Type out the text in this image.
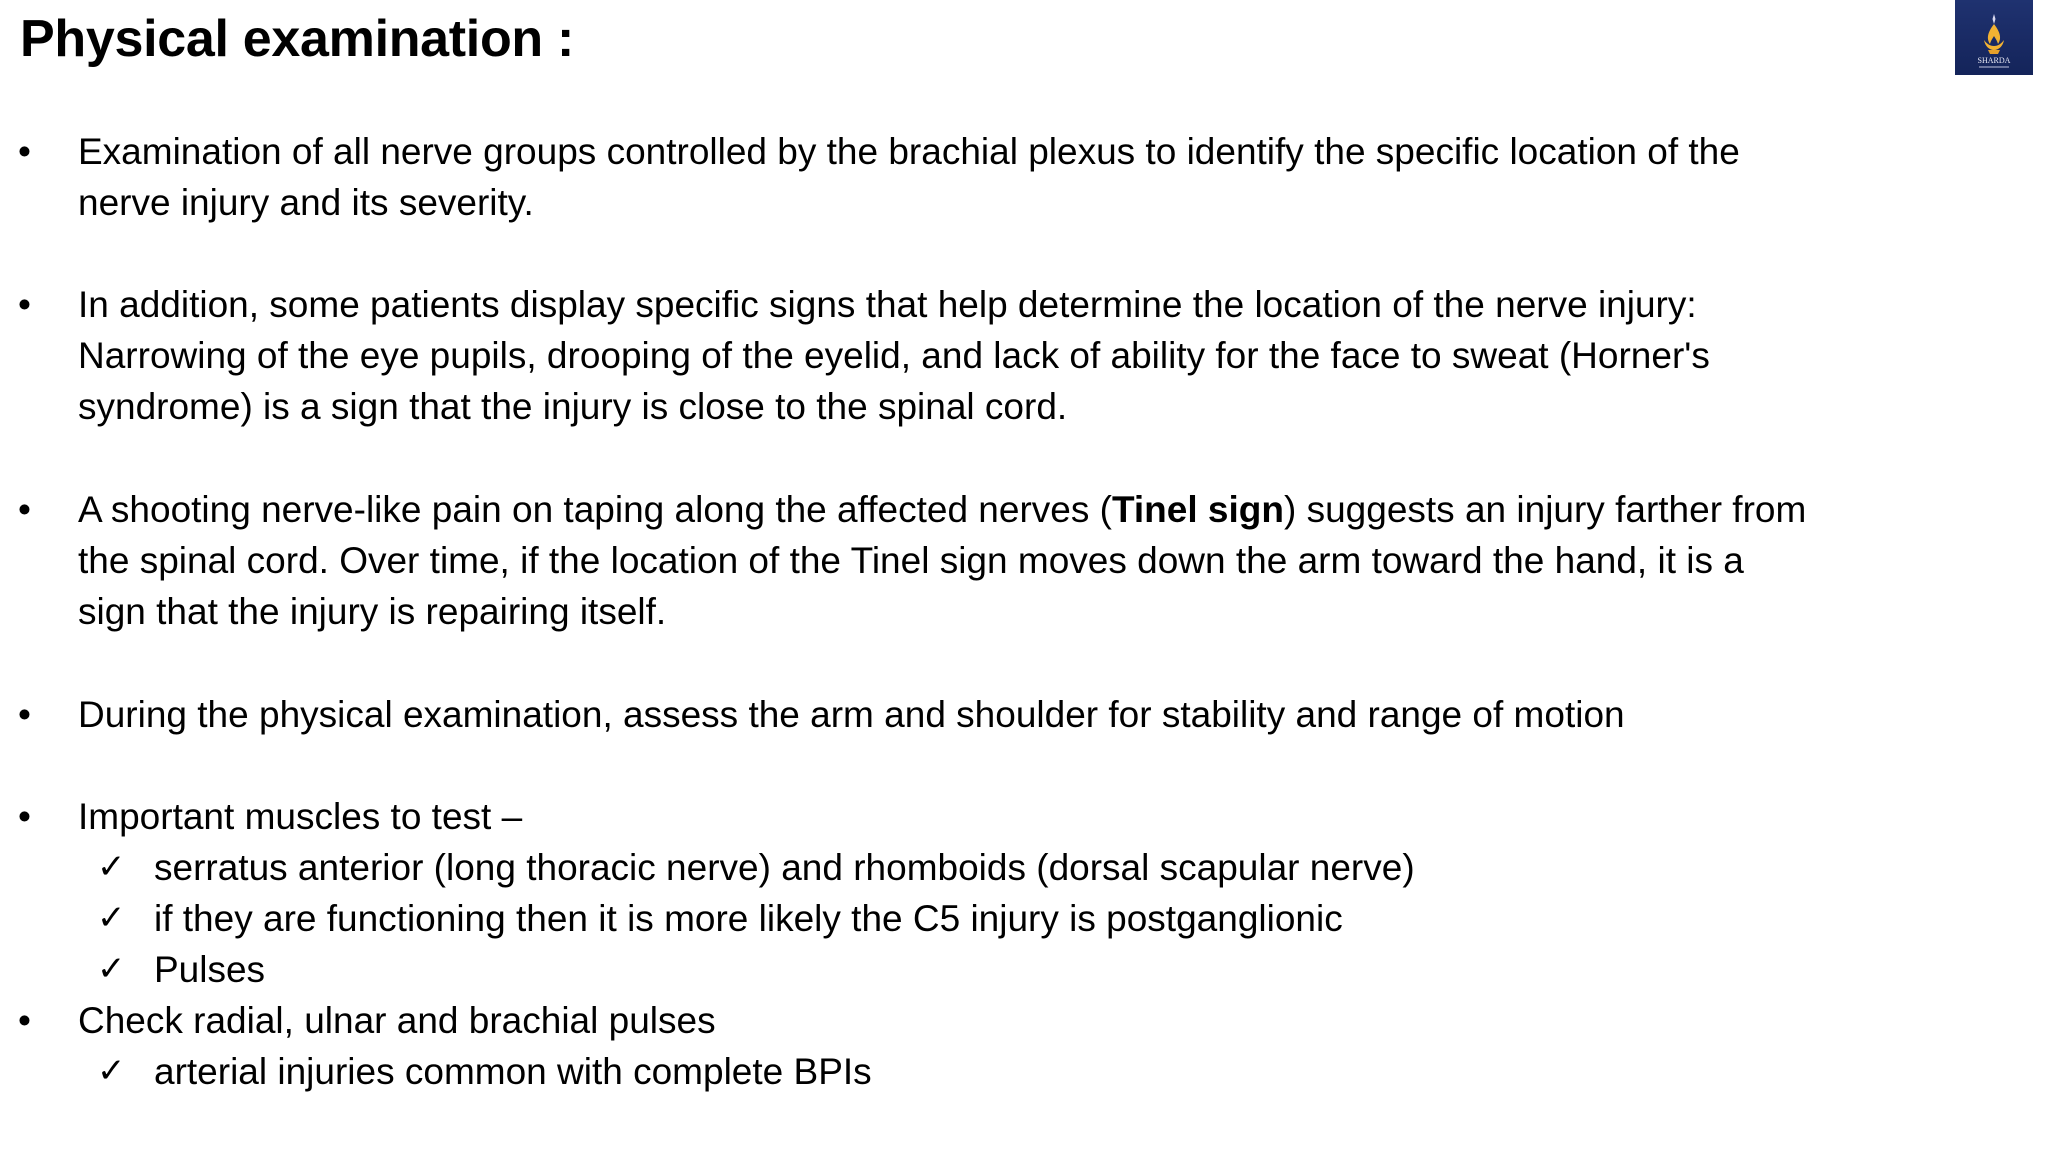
Physical examination :	SHARDA
• Examination of all nerve groups controlled by the brachial plexus to identify the specific location of the
nerve injury and its severity.
• In addition, some patients display specific signs that help determine the location of the nerve injury:
Narrowing of the eye pupils, drooping of the eyelid, and lack of ability for the face to sweat (Horner's
syndrome) is a sign that the injury is close to the spinal cord.
• A shooting nerve-like pain on taping along the affected nerves (Tinel sign) suggests an injury farther from
the spinal cord. Over time, if the location of the Tinel sign moves down the arm toward the hand, it is a
sign that the injury is repairing itself.
• During the physical examination, assess the arm and shoulder for stability and range of motion
• Important muscles to test –
✓ serratus anterior (long thoracic nerve) and rhomboids (dorsal scapular nerve)
✓ if they are functioning then it is more likely the C5 injury is postganglionic
✓ Pulses
• Check radial, ulnar and brachial pulses
✓ arterial injuries common with complete BPIs
